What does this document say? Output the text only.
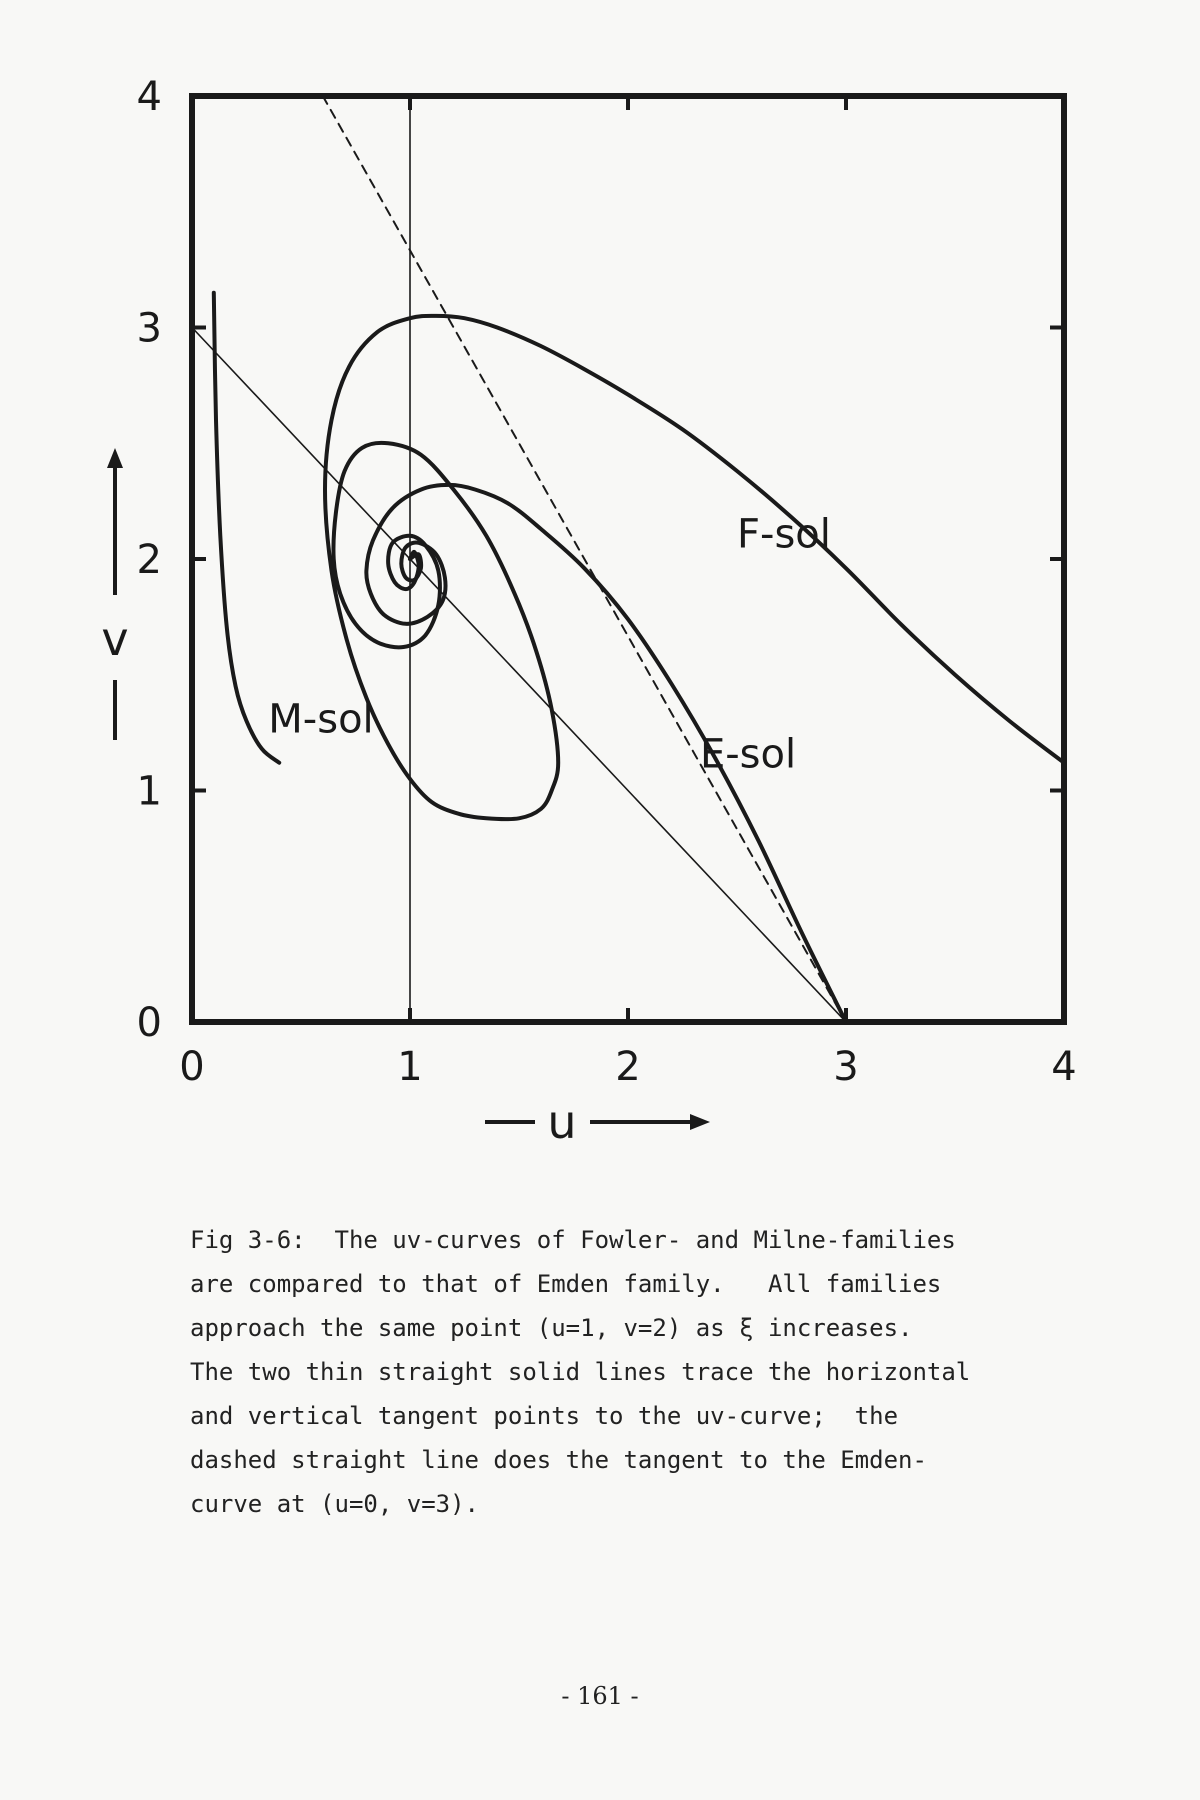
0	1	2	3	4
0
1
2
3
4
F-sol
E-sol
M-sol
u
v
Fig 3-6:  The uv-curves of Fowler- and Milne-families
are compared to that of Emden family.   All families
approach the same point (u=1, v=2) as ξ increases.
The two thin straight solid lines trace the horizontal
and vertical tangent points to the uv-curve;  the
dashed straight line does the tangent to the Emden-
curve at (u=0, v=3).
- 161 -
